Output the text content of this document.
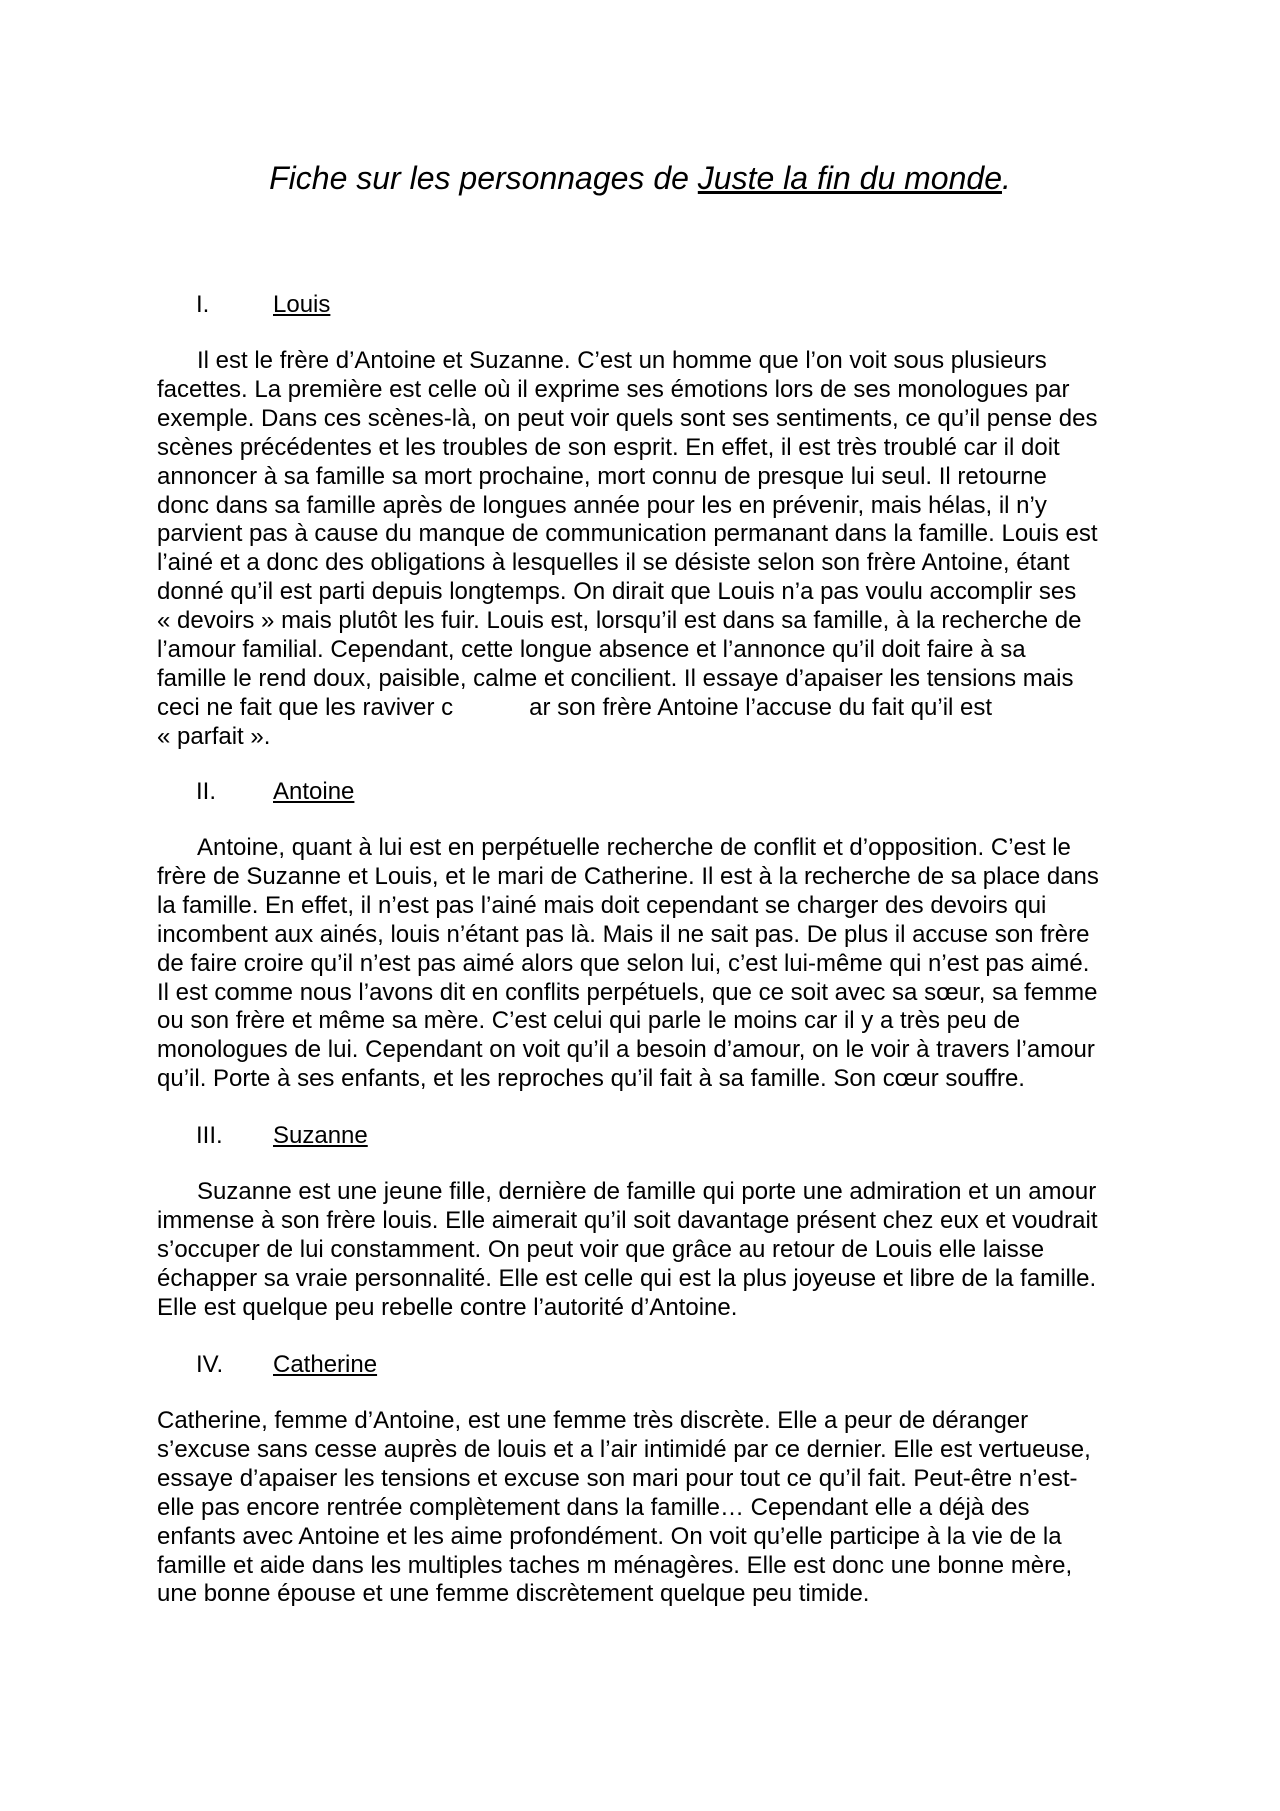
Fiche sur les personnages de Juste la fin du monde.
I.	Louis
Il est le frère d’Antoine et Suzanne. C’est un homme que l’on voit sous plusieurs
facettes. La première est celle où il exprime ses émotions lors de ses monologues par
exemple. Dans ces scènes-là, on peut voir quels sont ses sentiments, ce qu’il pense des
scènes précédentes et les troubles de son esprit. En effet, il est très troublé car il doit
annoncer à sa famille sa mort prochaine, mort connu de presque lui seul. Il retourne
donc dans sa famille après de longues année pour les en prévenir, mais hélas, il n’y
parvient pas à cause du manque de communication permanant dans la famille. Louis est
l’ainé et a donc des obligations à lesquelles il se désiste selon son frère Antoine, étant
donné qu’il est parti depuis longtemps. On dirait que Louis n’a pas voulu accomplir ses
« devoirs » mais plutôt les fuir. Louis est, lorsqu’il est dans sa famille, à la recherche de
l’amour familial. Cependant, cette longue absence et l’annonce qu’il doit faire à sa
famille le rend doux, paisible, calme et concilient. Il essaye d’apaiser les tensions mais
ceci ne fait que les raviver c	ar son frère Antoine l’accuse du fait qu’il est
« parfait ».
II. Antoine
Antoine, quant à lui est en perpétuelle recherche de conflit et d’opposition. C’est le
frère de Suzanne et Louis, et le mari de Catherine. Il est à la recherche de sa place dans
la famille. En effet, il n’est pas l’ainé mais doit cependant se charger des devoirs qui
incombent aux ainés, louis n’étant pas là. Mais il ne sait pas. De plus il accuse son frère
de faire croire qu’il n’est pas aimé alors que selon lui, c’est lui-même qui n’est pas aimé.
Il est comme nous l’avons dit en conflits perpétuels, que ce soit avec sa sœur, sa femme
ou son frère et même sa mère. C’est celui qui parle le moins car il y a très peu de
monologues de lui. Cependant on voit qu’il a besoin d’amour, on le voir à travers l’amour
qu’il. Porte à ses enfants, et les reproches qu’il fait à sa famille. Son cœur souffre.
III. Suzanne
Suzanne est une jeune fille, dernière de famille qui porte une admiration et un amour
immense à son frère louis. Elle aimerait qu’il soit davantage présent chez eux et voudrait
s’occuper de lui constamment. On peut voir que grâce au retour de Louis elle laisse
échapper sa vraie personnalité. Elle est celle qui est la plus joyeuse et libre de la famille.
Elle est quelque peu rebelle contre l’autorité d’Antoine.
IV. Catherine
Catherine, femme d’Antoine, est une femme très discrète. Elle a peur de déranger
s’excuse sans cesse auprès de louis et a l’air intimidé par ce dernier. Elle est vertueuse,
essaye d’apaiser les tensions et excuse son mari pour tout ce qu’il fait. Peut-être n’est-
elle pas encore rentrée complètement dans la famille… Cependant elle a déjà des
enfants avec Antoine et les aime profondément. On voit qu’elle participe à la vie de la
famille et aide dans les multiples taches m ménagères. Elle est donc une bonne mère,
une bonne épouse et une femme discrètement quelque peu timide.
